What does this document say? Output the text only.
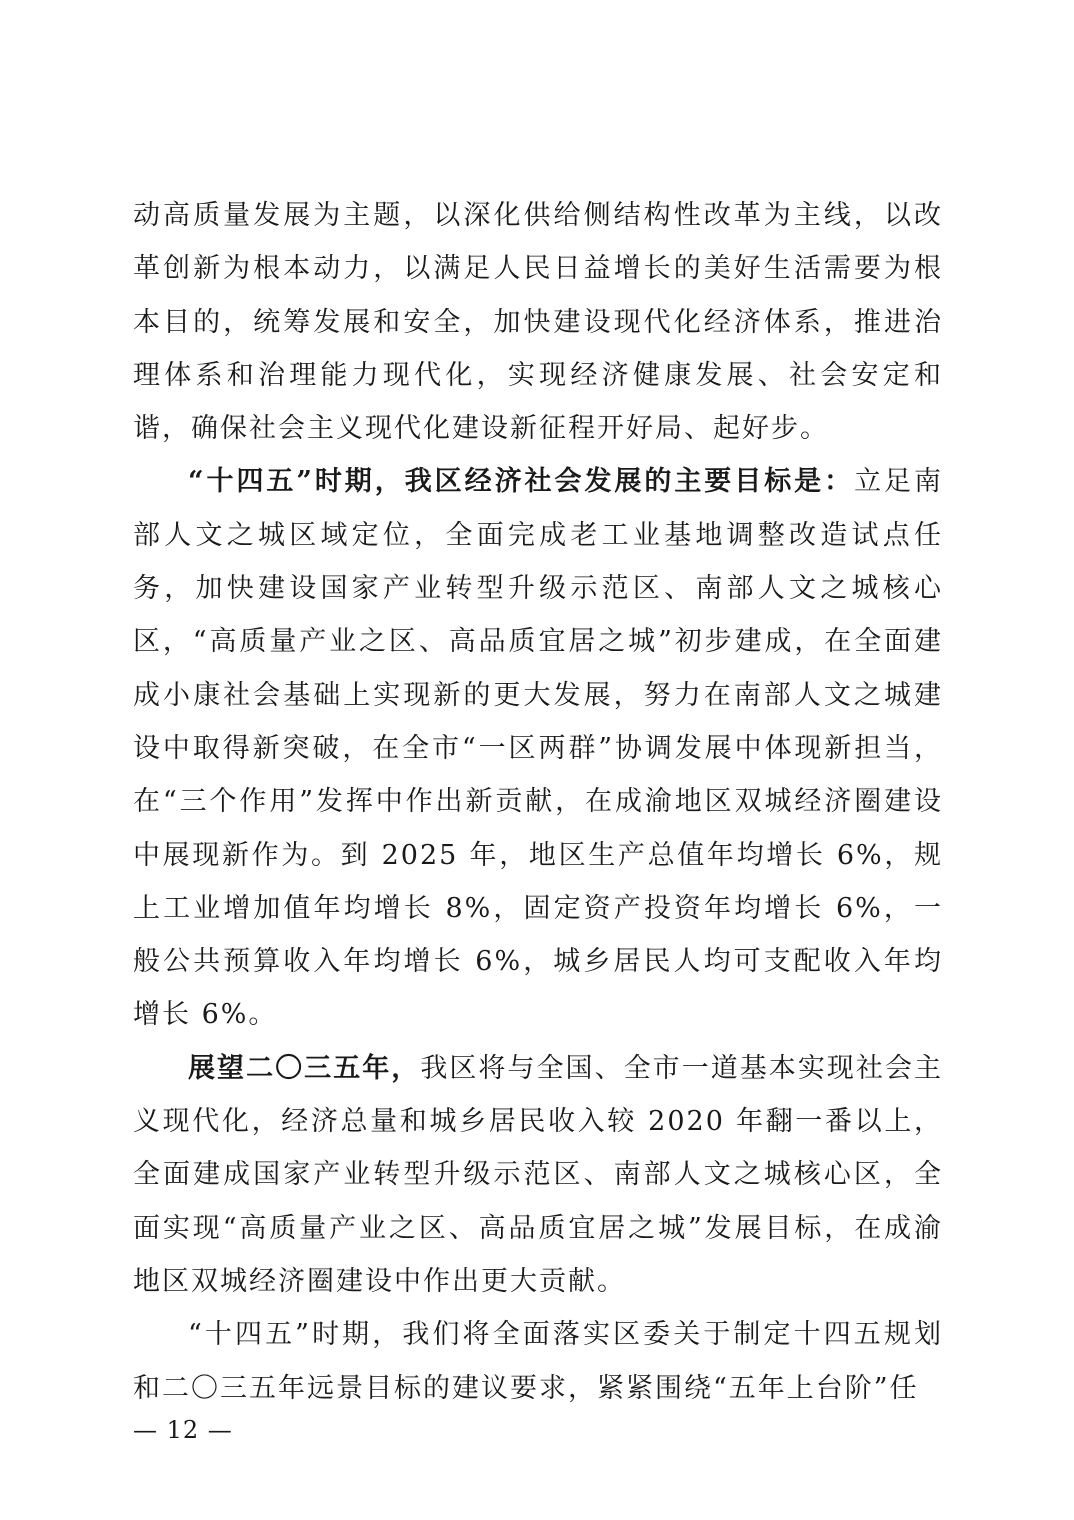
动高质量发展为主题，以深化供给侧结构性改革为主线，以改革创新为根本动力，以满足人民日益增长的美好生活需要为根本目的，统筹发展和安全，加快建设现代化经济体系，推进治理体系和治理能力现代化，实现经济健康发展、社会安定和谐，确保社会主义现代化建设新征程开好局、起好步。

“十四五”时期，我区经济社会发展的主要目标是：立足南部人文之城区域定位，全面完成老工业基地调整改造试点任务，加快建设国家产业转型升级示范区、南部人文之城核心区，“高质量产业之区、高品质宜居之城”初步建成，在全面建成小康社会基础上实现新的更大发展，努力在南部人文之城建设中取得新突破，在全市“一区两群”协调发展中体现新担当，在“三个作用”发挥中作出新贡献，在成渝地区双城经济圈建设中展现新作为。到 2025 年，地区生产总值年均增长 6%，规上工业增加值年均增长 8%，固定资产投资年均增长 6%，一般公共预算收入年均增长 6%，城乡居民人均可支配收入年均增长 6%。

展望二〇三五年，我区将与全国、全市一道基本实现社会主义现代化，经济总量和城乡居民收入较 2020 年翻一番以上，全面建成国家产业转型升级示范区、南部人文之城核心区，全面实现“高质量产业之区、高品质宜居之城”发展目标，在成渝地区双城经济圈建设中作出更大贡献。

“十四五”时期，我们将全面落实区委关于制定十四五规划和二〇三五年远景目标的建议要求，紧紧围绕“五年上台阶”任

— 12 —
